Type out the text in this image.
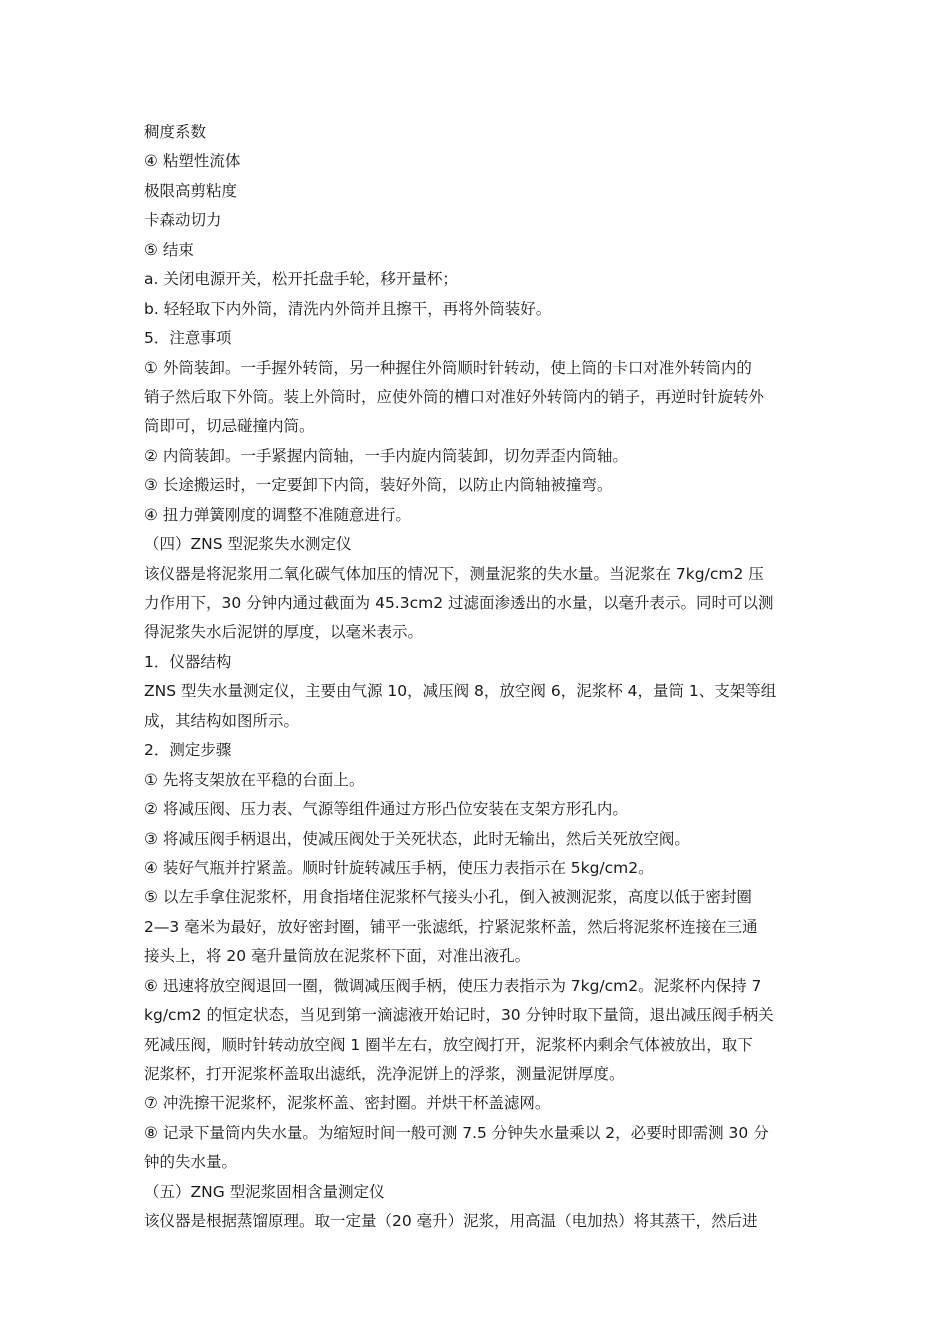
稠度系数
④ 粘塑性流体
极限高剪粘度
卡森动切力
⑤ 结束
a. 关闭电源开关，松开托盘手轮，移开量杯；
b. 轻轻取下内外筒，清洗内外筒并且擦干，再将外筒装好。
5．注意事项
① 外筒装卸。一手握外转筒，另一种握住外筒顺时针转动，使上筒的卡口对准外转筒内的
销子然后取下外筒。装上外筒时，应使外筒的槽口对准好外转筒内的销子，再逆时针旋转外
筒即可，切忌碰撞内筒。
② 内筒装卸。一手紧握内筒轴，一手内旋内筒装卸，切勿弄歪内筒轴。
③ 长途搬运时，一定要卸下内筒，装好外筒，以防止内筒轴被撞弯。
④ 扭力弹簧刚度的调整不准随意进行。
（四）ZNS 型泥浆失水测定仪
该仪器是将泥浆用二氧化碳气体加压的情况下，测量泥浆的失水量。当泥浆在 7kg/cm2 压
力作用下，30 分钟内通过截面为 45.3cm2 过滤面渗透出的水量，以毫升表示。同时可以测
得泥浆失水后泥饼的厚度，以毫米表示。
1．仪器结构
ZNS 型失水量测定仪，主要由气源 10，减压阀 8，放空阀 6，泥浆杯 4，量筒 1、支架等组
成，其结构如图所示。
2．测定步骤
① 先将支架放在平稳的台面上。
② 将减压阀、压力表、气源等组件通过方形凸位安装在支架方形孔内。
③ 将减压阀手柄退出，使减压阀处于关死状态，此时无输出，然后关死放空阀。
④ 装好气瓶并拧紧盖。顺时针旋转减压手柄，使压力表指示在 5kg/cm2。
⑤ 以左手拿住泥浆杯，用食指堵住泥浆杯气接头小孔，倒入被测泥浆，高度以低于密封圈
2—3 毫米为最好，放好密封圈，铺平一张滤纸，拧紧泥浆杯盖，然后将泥浆杯连接在三通
接头上，将 20 毫升量筒放在泥浆杯下面，对准出液孔。
⑥ 迅速将放空阀退回一圈，微调减压阀手柄，使压力表指示为 7kg/cm2。泥浆杯内保持 7
kg/cm2 的恒定状态，当见到第一滴滤液开始记时，30 分钟时取下量筒，退出减压阀手柄关
死减压阀，顺时针转动放空阀 1 圈半左右，放空阀打开，泥浆杯内剩余气体被放出，取下
泥浆杯，打开泥浆杯盖取出滤纸，洗净泥饼上的浮浆，测量泥饼厚度。
⑦ 冲洗擦干泥浆杯，泥浆杯盖、密封圈。并烘干杯盖滤网。
⑧ 记录下量筒内失水量。为缩短时间一般可测 7.5 分钟失水量乘以 2，必要时即需测 30 分
钟的失水量。
（五）ZNG 型泥浆固相含量测定仪
该仪器是根据蒸馏原理。取一定量（20 毫升）泥浆，用高温（电加热）将其蒸干，然后进
